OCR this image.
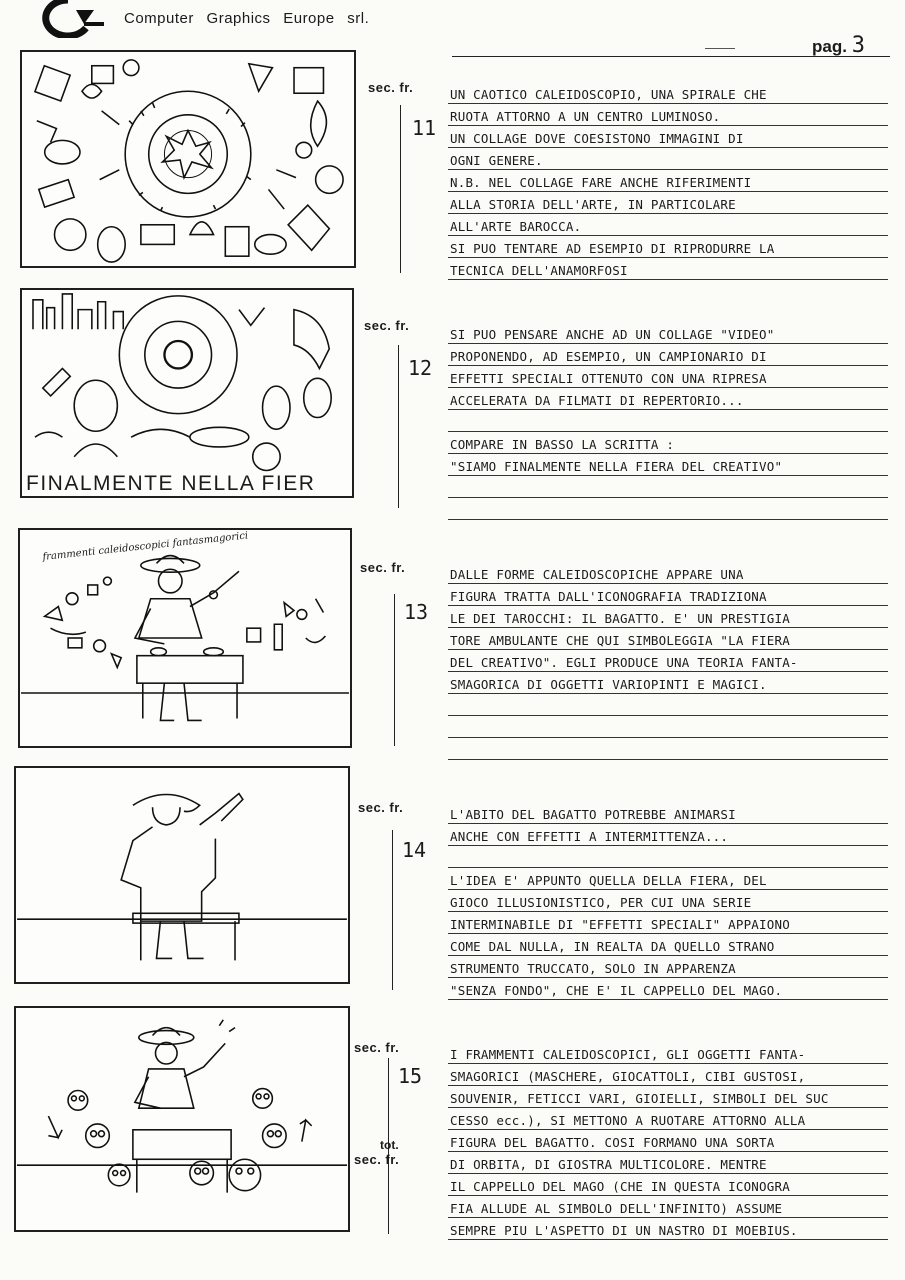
Computer Graphics Europe srl.
pag. 3
FINALMENTE NELLA FIER
frammenti caleidoscopici fantasmagorici
sec. fr.
11
sec. fr.
12
sec. fr.
13
sec. fr.
14
sec. fr.
15
tot.
sec. fr.
UN CAOTICO CALEIDOSCOPIO, UNA SPIRALE CHE
RUOTA ATTORNO A UN CENTRO LUMINOSO.
UN COLLAGE DOVE COESISTONO IMMAGINI DI
OGNI GENERE.
N.B. NEL COLLAGE FARE ANCHE RIFERIMENTI
ALLA STORIA DELL'ARTE, IN PARTICOLARE
ALL'ARTE BAROCCA.
SI PUO TENTARE AD ESEMPIO DI RIPRODURRE LA
TECNICA DELL'ANAMORFOSI
SI PUO PENSARE ANCHE AD UN COLLAGE "VIDEO"
PROPONENDO, AD ESEMPIO, UN CAMPIONARIO DI
EFFETTI SPECIALI OTTENUTO CON UNA RIPRESA
ACCELERATA DA FILMATI DI REPERTORIO...
COMPARE IN BASSO LA SCRITTA :
"SIAMO FINALMENTE NELLA FIERA DEL CREATIVO"
DALLE FORME CALEIDOSCOPICHE APPARE UNA
FIGURA TRATTA DALL'ICONOGRAFIA TRADIZIONA
LE DEI TAROCCHI: IL BAGATTO. E' UN PRESTIGIA
TORE AMBULANTE CHE QUI SIMBOLEGGIA "LA FIERA
DEL CREATIVO". EGLI PRODUCE UNA TEORIA FANTA-
SMAGORICA DI OGGETTI VARIOPINTI E MAGICI.
L'ABITO DEL BAGATTO POTREBBE ANIMARSI
ANCHE CON EFFETTI A INTERMITTENZA...
L'IDEA E' APPUNTO QUELLA DELLA FIERA, DEL
GIOCO ILLUSIONISTICO, PER CUI UNA SERIE
INTERMINABILE DI "EFFETTI SPECIALI" APPAIONO
COME DAL NULLA, IN REALTA DA QUELLO STRANO
STRUMENTO TRUCCATO, SOLO IN APPARENZA
"SENZA FONDO", CHE E' IL CAPPELLO DEL MAGO.
I FRAMMENTI CALEIDOSCOPICI, GLI OGGETTI FANTA-
SMAGORICI (MASCHERE, GIOCATTOLI, CIBI GUSTOSI,
SOUVENIR, FETICCI VARI, GIOIELLI, SIMBOLI DEL SUC
CESSO ecc.), SI METTONO A RUOTARE ATTORNO ALLA
FIGURA DEL BAGATTO. COSI FORMANO UNA SORTA
DI ORBITA, DI GIOSTRA MULTICOLORE. MENTRE
IL CAPPELLO DEL MAGO (CHE IN QUESTA ICONOGRA
FIA ALLUDE AL SIMBOLO DELL'INFINITO) ASSUME
SEMPRE PIU L'ASPETTO DI UN NASTRO DI MOEBIUS.
